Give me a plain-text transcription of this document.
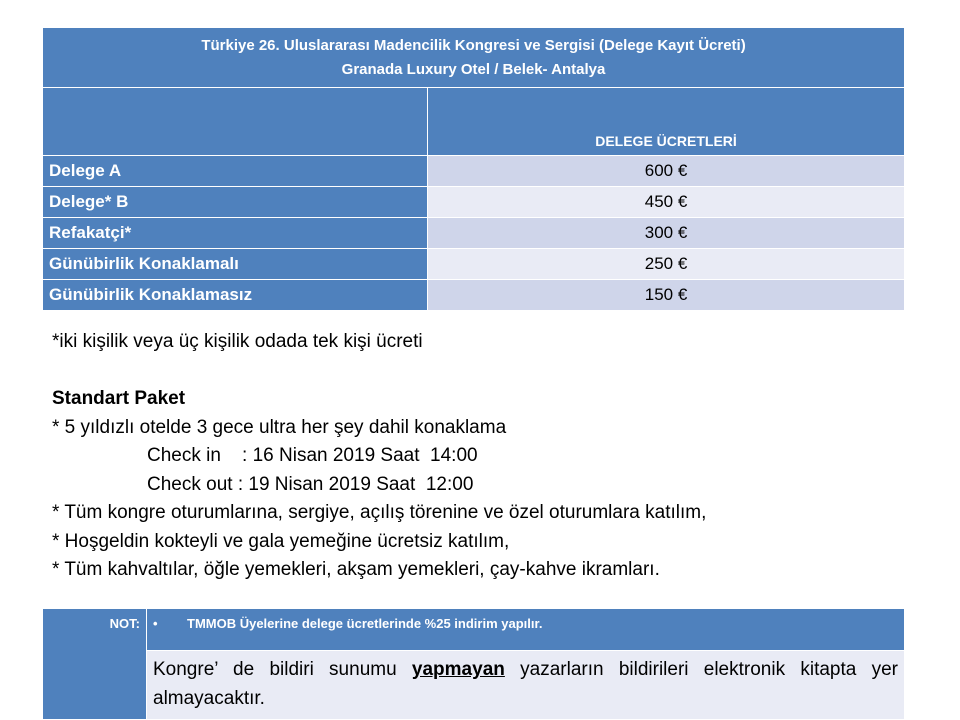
Türkiye 26. Uluslararası Madencilik Kongresi ve Sergisi (Delege Kayıt Ücreti)
Granada Luxury Otel / Belek- Antalya	

	DELEGE ÜCRETLERİ
Delege A	600 €
Delege* B	450 €
Refakatçi*	300 €
Günübirlik Konaklamalı	250 €
Günübirlik Konaklamasız	150 €

*iki kişilik veya üç kişilik odada tek kişi ücreti

Standart Paket

* 5 yıldızlı otelde 3 gece ultra her şey dahil konaklama

Check in    : 16 Nisan 2019 Saat  14:00

Check out : 19 Nisan 2019 Saat  12:00

* Tüm kongre oturumlarına, sergiye, açılış törenine ve özel oturumlara katılım,

* Hoşgeldin kokteyli ve gala yemeğine ücretsiz katılım,

* Tüm kahvaltılar, öğle yemekleri, akşam yemekleri, çay-kahve ikramları.

NOT:	• TMMOB Üyelerine delege ücretlerinde %25 indirim yapılır.
Kongre’ de bildiri sunumu yapmayan yazarların bildirileri elektronik kitapta yer almayacaktır.
